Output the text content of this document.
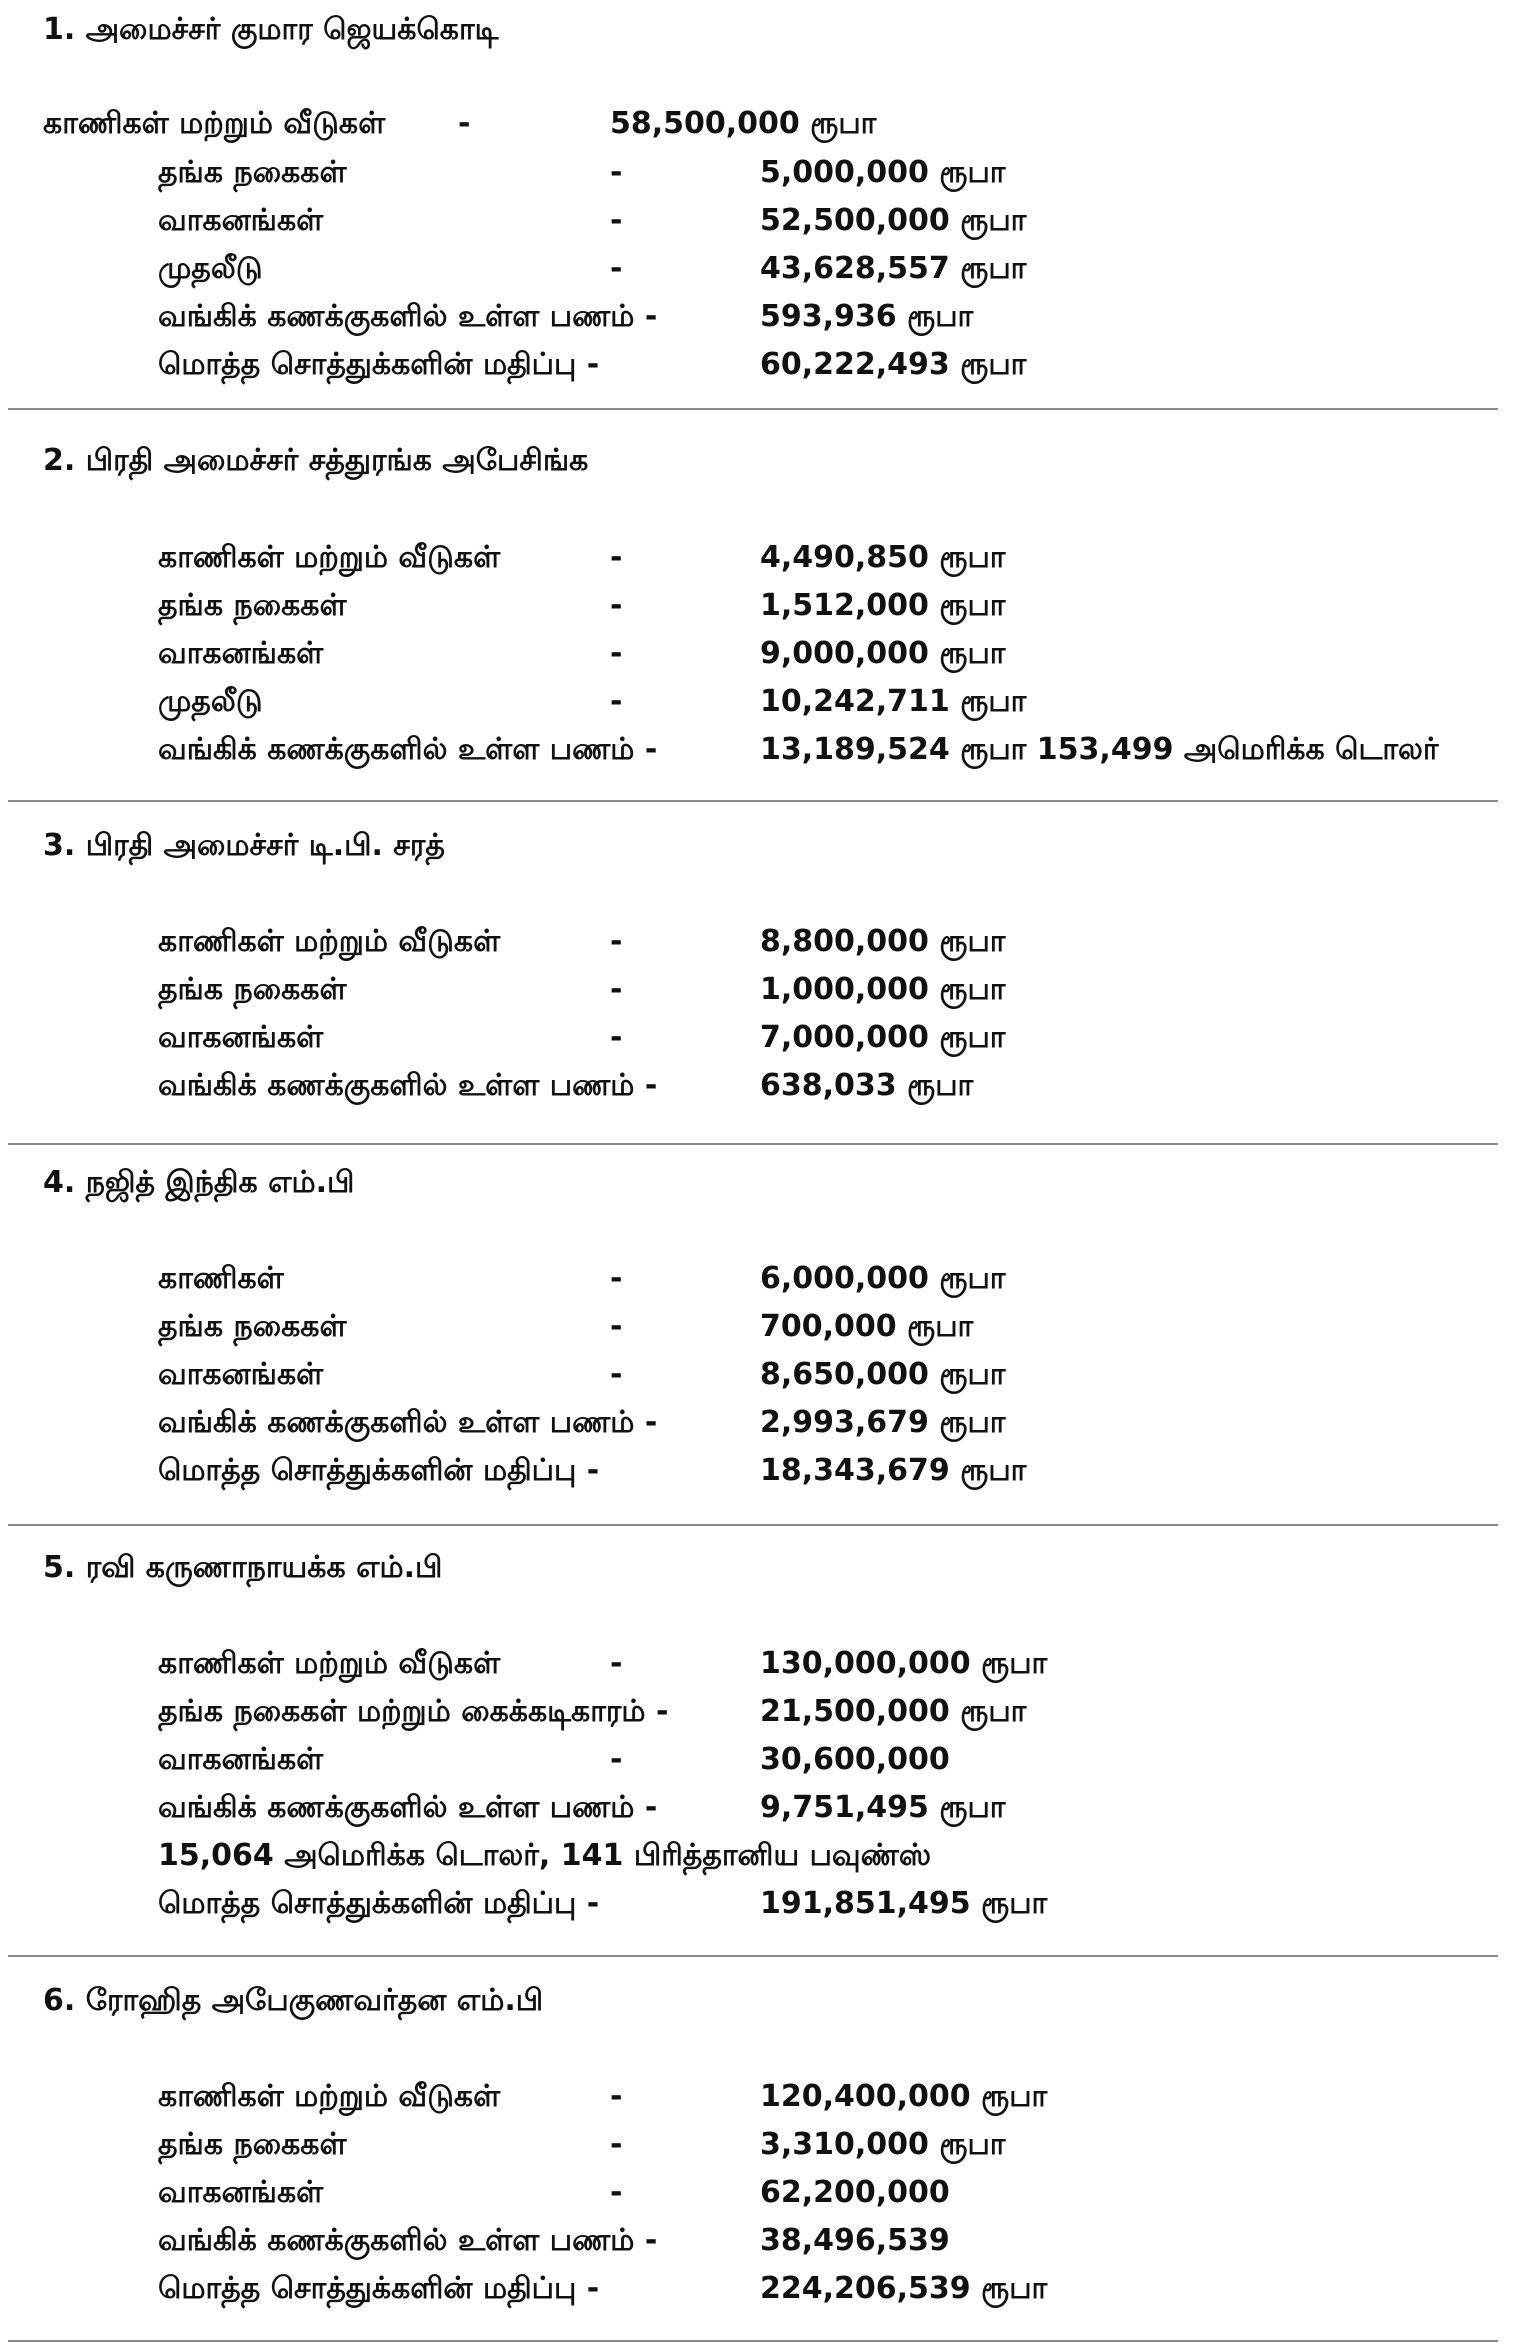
1. அமைச்சர் குமார ஜெயக்கொடி
காணிகள் மற்றும் வீடுகள் -	58,500,000 ரூபா
தங்க நகைகள்	-	5,000,000 ரூபா
வாகனங்கள்	-	52,500,000 ரூபா
முதலீடு	-	43,628,557 ரூபா
வங்கிக் கணக்குகளில் உள்ள பணம் -	593,936 ரூபா
மொத்த சொத்துக்களின் மதிப்பு -	60,222,493 ரூபா
2. பிரதி அமைச்சர் சத்துரங்க அபேசிங்க
காணிகள் மற்றும் வீடுகள்	-	4,490,850 ரூபா
தங்க நகைகள்	-	1,512,000 ரூபா
வாகனங்கள்	-	9,000,000 ரூபா
முதலீடு	-	10,242,711 ரூபா
வங்கிக் கணக்குகளில் உள்ள பணம் -	13,189,524 ரூபா 153,499 அமெரிக்க டொலர்
3. பிரதி அமைச்சர் டி.பி. சரத்
காணிகள் மற்றும் வீடுகள்	-	8,800,000 ரூபா
தங்க நகைகள்	-	1,000,000 ரூபா
வாகனங்கள்	-	7,000,000 ரூபா
வங்கிக் கணக்குகளில் உள்ள பணம் -	638,033 ரூபா
4. நஜித் இந்திக எம்.பி
காணிகள்	-	6,000,000 ரூபா
தங்க நகைகள்	-	700,000 ரூபா
வாகனங்கள்	-	8,650,000 ரூபா
வங்கிக் கணக்குகளில் உள்ள பணம் -	2,993,679 ரூபா
மொத்த சொத்துக்களின் மதிப்பு -	18,343,679 ரூபா
5. ரவி கருணாநாயக்க எம்.பி
காணிகள் மற்றும் வீடுகள்	-	130,000,000 ரூபா
தங்க நகைகள் மற்றும் கைக்கடிகாரம் -	21,500,000 ரூபா
வாகனங்கள்	-	30,600,000
வங்கிக் கணக்குகளில் உள்ள பணம் -	9,751,495 ரூபா
15,064 அமெரிக்க டொலர், 141 பிரித்தானிய பவுண்ஸ்
மொத்த சொத்துக்களின் மதிப்பு -	191,851,495 ரூபா
6. ரோஹித அபேகுணவர்தன எம்.பி
காணிகள் மற்றும் வீடுகள்	-	120,400,000 ரூபா
தங்க நகைகள்	-	3,310,000 ரூபா
வாகனங்கள்	-	62,200,000
வங்கிக் கணக்குகளில் உள்ள பணம் -	38,496,539
மொத்த சொத்துக்களின் மதிப்பு -	224,206,539 ரூபா
